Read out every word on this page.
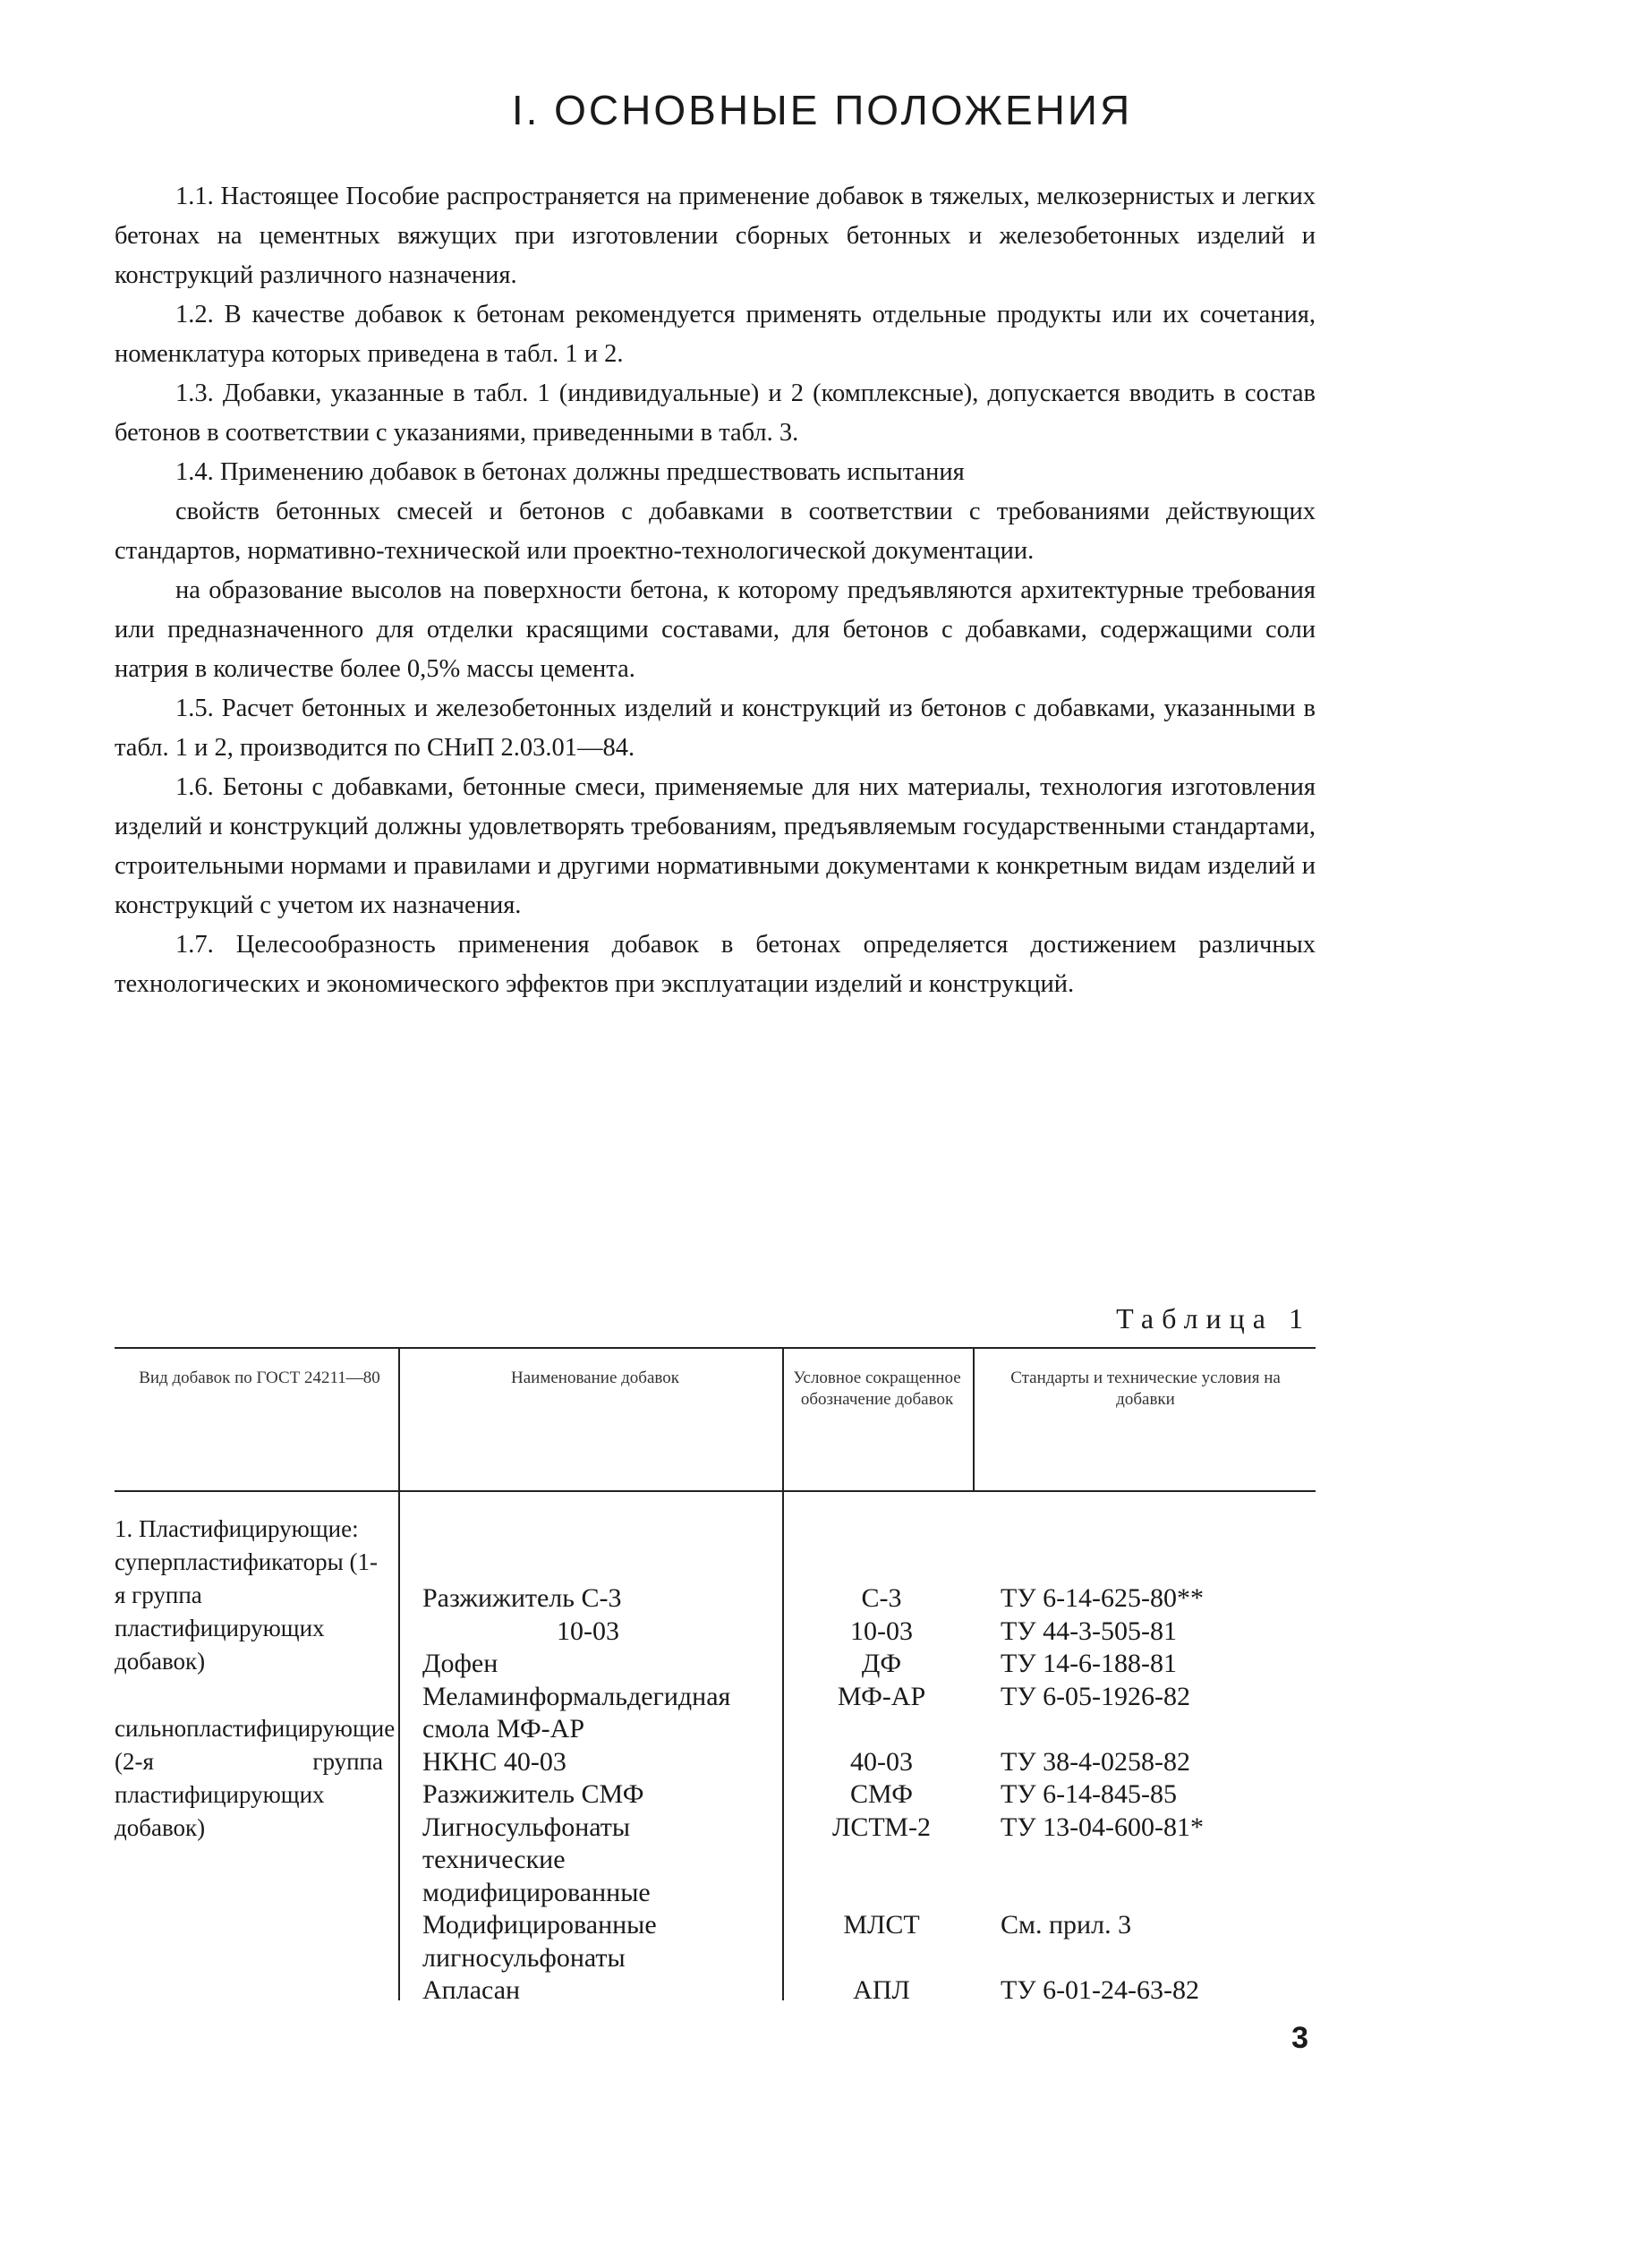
I. ОСНОВНЫЕ ПОЛОЖЕНИЯ

1.1. Настоящее Пособие распространяется на применение добавок в тяжелых, мелкозернистых и легких бетонах на цементных вяжущих при изготовлении сборных бетонных и железобетонных изделий и конструкций различного назначения.

1.2. В качестве добавок к бетонам рекомендуется применять отдельные продукты или их сочетания, номенклатура которых приведена в табл. 1 и 2.

1.3. Добавки, указанные в табл. 1 (индивидуальные) и 2 (комплексные), допускается вводить в состав бетонов в соответствии с указаниями, приведенными в табл. 3.

1.4. Применению добавок в бетонах должны предшествовать испытания

свойств бетонных смесей и бетонов с добавками в соответствии с требованиями действующих стандартов, нормативно-технической или проектно-технологической документации.

на образование высолов на поверхности бетона, к которому предъявляются архитектурные требования или предназначенного для отделки красящими составами, для бетонов с добавками, содержащими соли натрия в количестве более 0,5% массы цемента.

1.5. Расчет бетонных и железобетонных изделий и конструкций из бетонов с добавками, указанными в табл. 1 и 2, производится по СНиП 2.03.01—84.

1.6. Бетоны с добавками, бетонные смеси, применяемые для них материалы, технология изготовления изделий и конструкций должны удовлетворять требованиям, предъявляемым государственными стандартами, строительными нормами и правилами и другими нормативными документами к конкретным видам изделий и конструкций с учетом их назначения.

1.7. Целесообразность применения добавок в бетонах определяется достижением различных технологических и экономического эффектов при эксплуатации изделий и конструкций.

Таблица 1
Вид добавок по ГОСТ 24211—80	Наименование добавок	Условное сокращенное обозначение добавок
Стандарты и технические условия на добавки

1. Пластифицирующие:

суперпластификаторы (1-я группа пластифицирующих добавок)

сильнопластифицирующие (2-я группа пластифицирующих добавок)

Разжижитель С-3

10-03

Дофен

Меламинформальдегидная смола МФ-АР

НКНС 40-03

Разжижитель СМФ

Лигносульфонаты технические модифицированные

Модифицированные лигносульфонаты

Апласан

С-3

10-03

ДФ

МФ-АР

40-03

СМФ

ЛСТМ-2

МЛСТ

АПЛ

ТУ 6-14-625-80**

ТУ 44-3-505-81

ТУ 14-6-188-81

ТУ 6-05-1926-82

ТУ 38-4-0258-82

ТУ 6-14-845-85

ТУ 13-04-600-81*

См. прил. 3

ТУ 6-01-24-63-82

3
